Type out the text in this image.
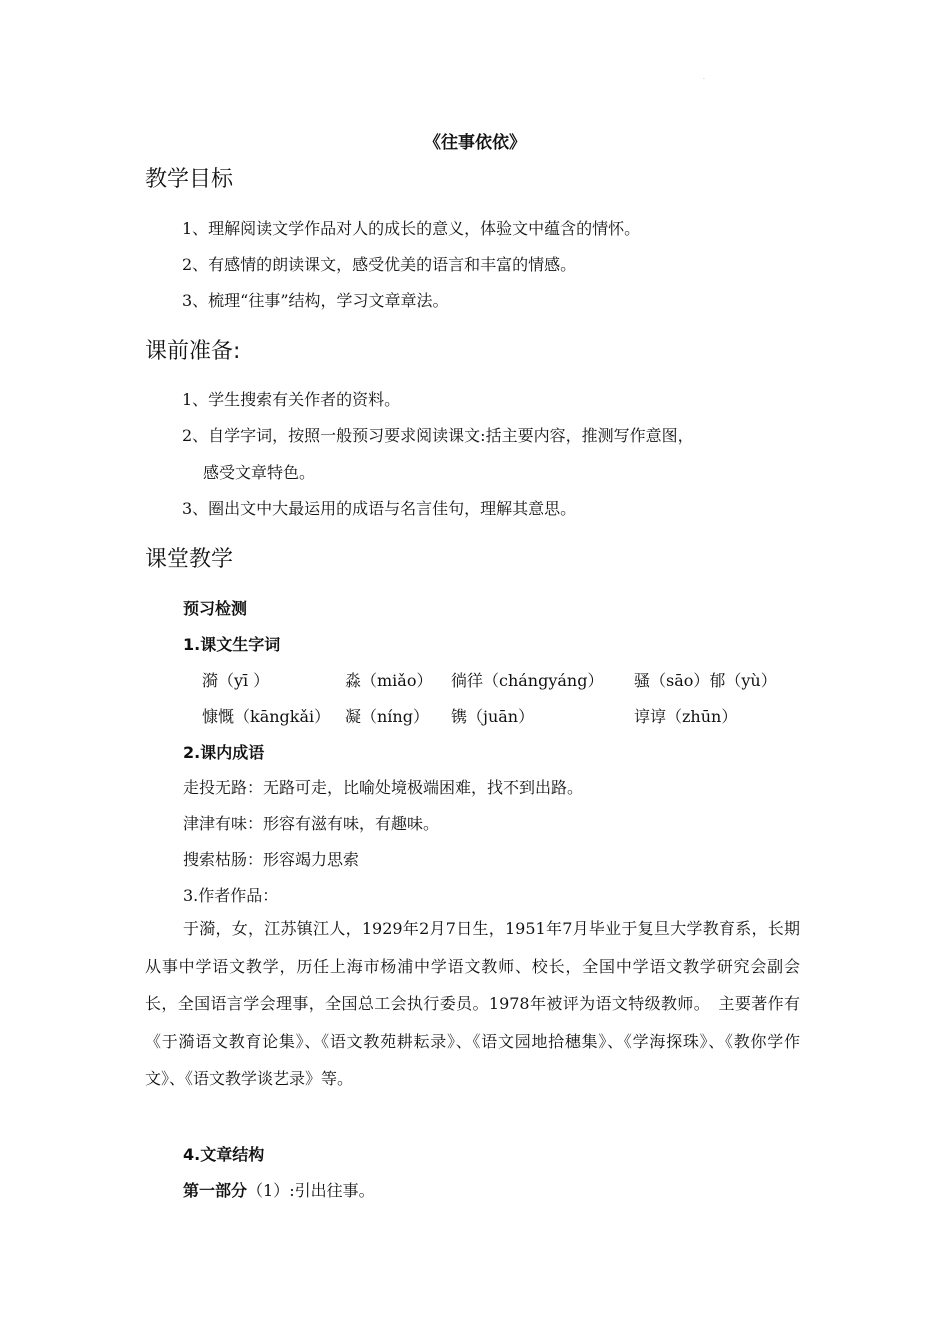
·
《往事依依》
教学目标
1、理解阅读文学作品对人的成长的意义，体验文中蕴含的情怀。
2、有感情的朗读课文，感受优美的语言和丰富的情感。
3、梳理“往事”结构，学习文章章法。
课前准备:
1、学生搜索有关作者的资料。
2、自学字词，按照一般预习要求阅读课文:括主要内容，推测写作意图，
感受文章特色。
3、圈出文中大最运用的成语与名言佳句，理解其意思。
课堂教学
预习检测
1.课文生字词
漪（yī ）	淼（miǎo） 徜徉（chángyáng） 骚（sāo）郁（yù）
慷慨（kāngkǎi） 凝（níng） 镌（juān）	谆谆（zhūn）
2.课内成语
走投无路：无路可走，比喻处境极端困难，找不到出路。
津津有味：形容有滋有味，有趣味。
搜索枯肠：形容竭力思索
3.作者作品：
于漪，女，江苏镇江人，1929年2月7日生，1951年7月毕业于复旦大学教育系，长期从事中学语文教学，历任上海市杨浦中学语文教师、校长，全国中学语文教学研究会副会长，全国语言学会理事，全国总工会执行委员。1978年被评为语文特级教师。　主要著作有《于漪语文教育论集》、《语文教苑耕耘录》、《语文园地拾穗集》、《学海探珠》、《教你学作文》、《语文教学谈艺录》等。
4.文章结构
第一部分（1）:引出往事。
